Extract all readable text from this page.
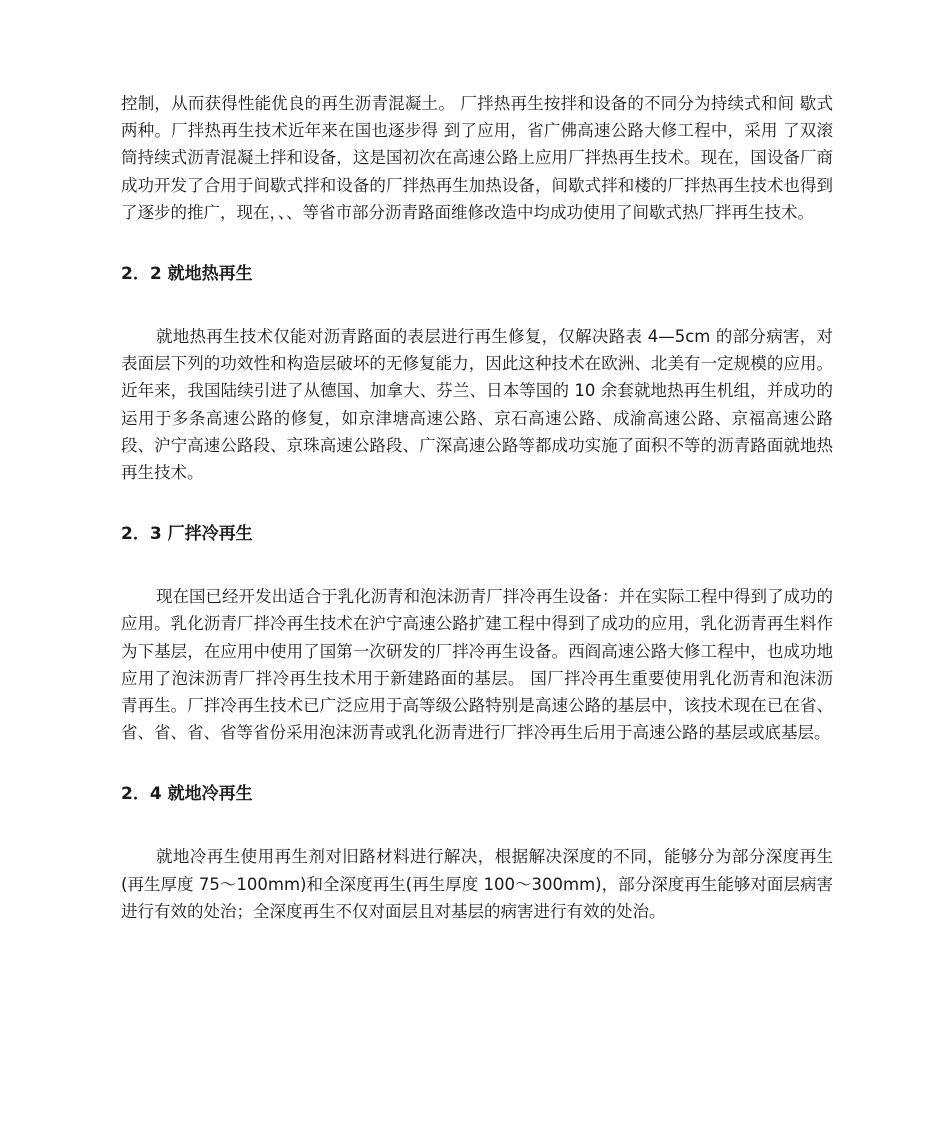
控制，从而获得性能优良的再生沥青混凝土。 厂拌热再生按拌和设备的不同分为持续式和间 歇式两种。厂拌热再生技术近年来在国也逐步得 到了应用，省广佛高速公路大修工程中，采用 了双滚筒持续式沥青混凝土拌和设备，这是国初次在高速公路上应用厂拌热再生技术。现在，国设备厂商成功开发了合用于间歇式拌和设备的厂拌热再生加热设备，间歇式拌和楼的厂拌热再生技术也得到了逐步的推广，现在，、、等省市部分沥青路面维修改造中均成功使用了间歇式热厂拌再生技术。

2．2 就地热再生

就地热再生技术仅能对沥青路面的表层进行再生修复，仅解决路表 4—5cm 的部分病害，对表面层下列的功效性和构造层破坏的无修复能力，因此这种技术在欧洲、北美有一定规模的应用。近年来，我国陆续引进了从德国、加拿大、芬兰、日本等国的 10 余套就地热再生机组，并成功的运用于多条高速公路的修复，如京津塘高速公路、京石高速公路、成渝高速公路、京福高速公路段、沪宁高速公路段、京珠高速公路段、广深高速公路等都成功实施了面积不等的沥青路面就地热再生技术。

2．3 厂拌冷再生

现在国已经开发出适合于乳化沥青和泡沫沥青厂拌冷再生设备：并在实际工程中得到了成功的应用。乳化沥青厂拌冷再生技术在沪宁高速公路扩建工程中得到了成功的应用，乳化沥青再生料作为下基层，在应用中使用了国第一次研发的厂拌冷再生设备。西阎高速公路大修工程中，也成功地应用了泡沫沥青厂拌冷再生技术用于新建路面的基层。 国厂拌冷再生重要使用乳化沥青和泡沫沥青再生。厂拌冷再生技术已广泛应用于高等级公路特别是高速公路的基层中，该技术现在已在省、省、省、省、省等省份采用泡沫沥青或乳化沥青进行厂拌冷再生后用于高速公路的基层或底基层。

2．4 就地冷再生

就地冷再生使用再生剂对旧路材料进行解决，根据解决深度的不同，能够分为部分深度再生(再生厚度 75～100mm)和全深度再生(再生厚度 100～300mm)，部分深度再生能够对面层病害进行有效的处治；全深度再生不仅对面层且对基层的病害进行有效的处治。
